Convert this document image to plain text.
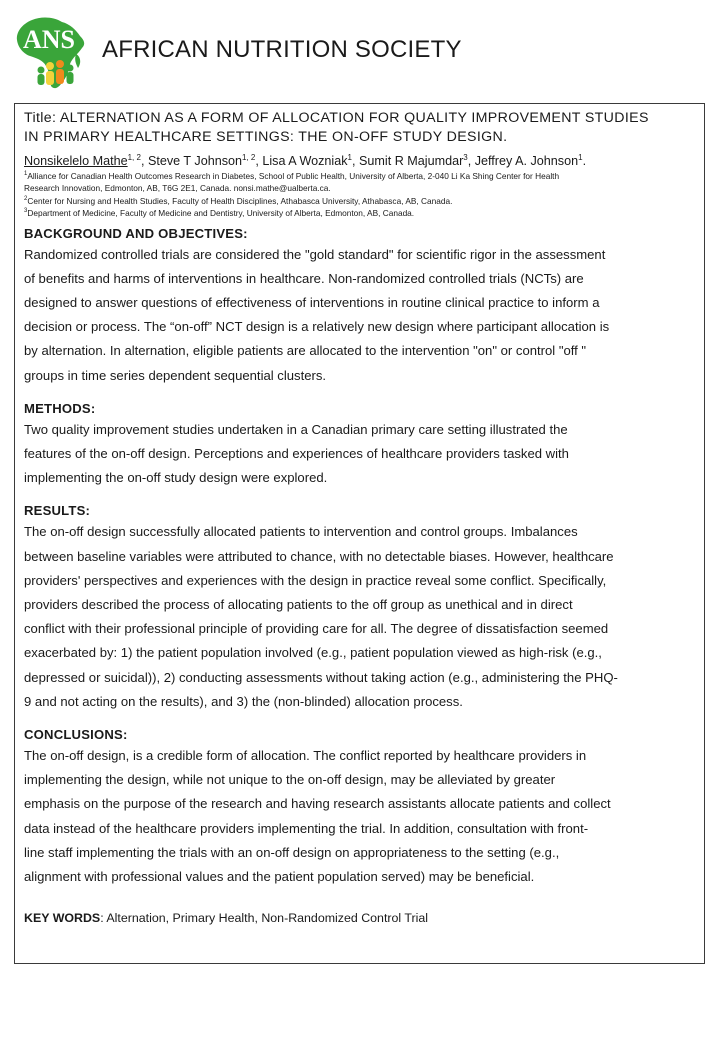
ANS AFRICAN NUTRITION SOCIETY

Title: ALTERNATION AS A FORM OF ALLOCATION FOR QUALITY IMPROVEMENT STUDIES

IN PRIMARY HEALTHCARE SETTINGS: THE ON-OFF STUDY DESIGN.

Nonsikelelo Mathe$^{1, 2}$, Steve T Johnson$^{1, 2}$, Lisa A Wozniak$^1$, Sumit R Majumdar$^3$, Jeffrey A. Johnson$^1$.

$^1$Alliance for Canadian Health Outcomes Research in Diabetes, School of Public Health, University of Alberta, 2-040 Li Ka Shing Center for Health

Research Innovation, Edmonton, AB, T6G 2E1, Canada. nonsi.mathe@ualberta.ca.

$^2$Center for Nursing and Health Studies, Faculty of Health Disciplines, Athabasca University, Athabasca, AB, Canada.

$^3$Department of Medicine, Faculty of Medicine and Dentistry, University of Alberta, Edmonton, AB, Canada.

BACKGROUND AND OBJECTIVES:
Randomized controlled trials are considered the "gold standard" for scientific rigor in the assessment
of benefits and harms of interventions in healthcare. Non-randomized controlled trials (NCTs) are
designed to answer questions of effectiveness of interventions in routine clinical practice to inform a
decision or process. The “on-off” NCT design is a relatively new design where participant allocation is
by alternation. In alternation, eligible patients are allocated to the intervention "on" or control "off "
groups in time series dependent sequential clusters.
METHODS:
Two quality improvement studies undertaken in a Canadian primary care setting illustrated the
features of the on-off design. Perceptions and experiences of healthcare providers tasked with
implementing the on-off study design were explored.
RESULTS:
The on-off design successfully allocated patients to intervention and control groups. Imbalances
between baseline variables were attributed to chance, with no detectable biases. However, healthcare
providers' perspectives and experiences with the design in practice reveal some conflict. Specifically,
providers described the process of allocating patients to the off group as unethical and in direct
conflict with their professional principle of providing care for all. The degree of dissatisfaction seemed
exacerbated by: 1) the patient population involved (e.g., patient population viewed as high-risk (e.g.,
depressed or suicidal)), 2) conducting assessments without taking action (e.g., administering the PHQ-
9 and not acting on the results), and 3) the (non-blinded) allocation process.
CONCLUSIONS:
The on-off design, is a credible form of allocation. The conflict reported by healthcare providers in
implementing the design, while not unique to the on-off design, may be alleviated by greater
emphasis on the purpose of the research and having research assistants allocate patients and collect
data instead of the healthcare providers implementing the trial. In addition, consultation with front-
line staff implementing the trials with an on-off design on appropriateness to the setting (e.g.,
alignment with professional values and the patient population served) may be beneficial.
KEY WORDS: Alternation, Primary Health, Non-Randomized Control Trial
